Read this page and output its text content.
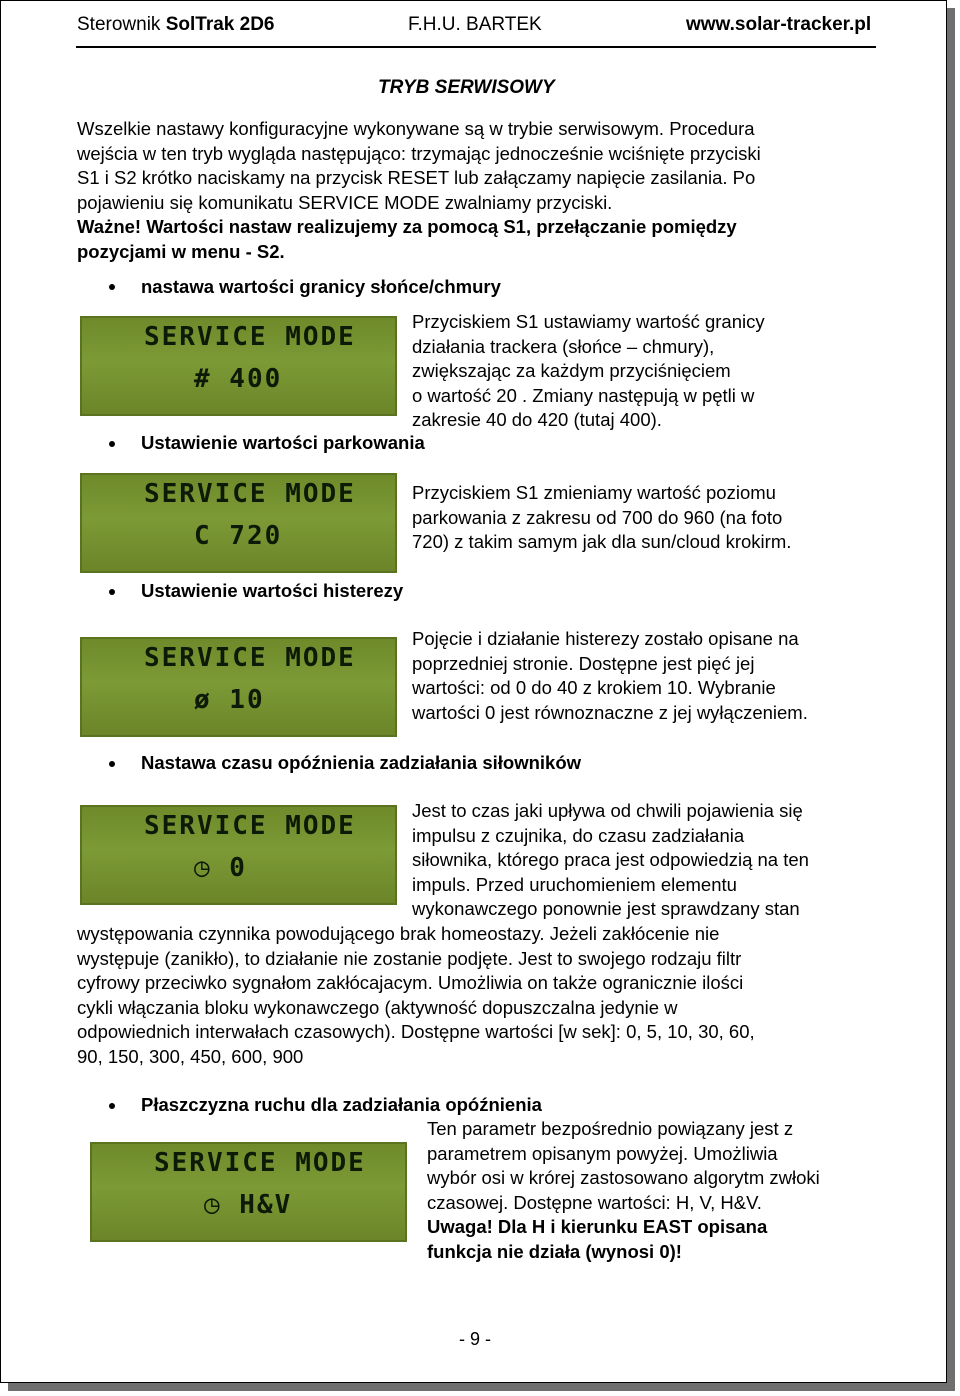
Sterownik SolTrak 2D6	F.H.U. BARTEK	www.solar-tracker.pl
TRYB SERWISOWY
Wszelkie nastawy konfiguracyjne wykonywane są w trybie serwisowym. Procedura
wejścia w ten tryb wygląda następująco: trzymając jednocześnie wciśnięte przyciski
S1 i S2 krótko naciskamy na przycisk RESET lub załączamy napięcie zasilania. Po
pojawieniu się komunikatu SERVICE MODE zwalniamy przyciski.
Ważne! Wartości nastaw realizujemy za pomocą S1, przełączanie pomiędzy
pozycjami w menu - S2.
nastawa wartości granicy słońce/chmury
SERVICE MODE
# 400
Przyciskiem S1 ustawiamy wartość granicy
działania trackera (słońce – chmury),
zwiększając za każdym przyciśnięciem
o wartość 20 . Zmiany następują w pętli w
zakresie 40 do 420 (tutaj 400).
Ustawienie wartości parkowania
SERVICE MODE
C 720
Przyciskiem S1 zmieniamy wartość poziomu
parkowania z zakresu od 700 do 960 (na foto
720) z takim samym jak dla sun/cloud krokirm.
Ustawienie wartości histerezy
SERVICE MODE
ø 10
Pojęcie i działanie histerezy zostało opisane na
poprzedniej stronie. Dostępne jest pięć jej
wartości: od 0 do 40 z krokiem 10. Wybranie
wartości 0 jest równoznaczne z jej wyłączeniem.
Nastawa czasu opóźnienia zadziałania siłowników
SERVICE MODE
◷ 0
Jest to czas jaki upływa od chwili pojawienia się
impulsu z czujnika, do czasu zadziałania
siłownika, którego praca jest odpowiedzią na ten
impuls. Przed uruchomieniem elementu
wykonawczego ponownie jest sprawdzany stan
występowania czynnika powodującego brak homeostazy. Jeżeli zakłócenie nie
występuje (zanikło), to działanie nie zostanie podjęte. Jest to swojego rodzaju filtr
cyfrowy przeciwko sygnałom zakłócajacym. Umożliwia on także ogranicznie ilości
cykli włączania bloku wykonawczego (aktywność dopuszczalna jedynie w
odpowiednich interwałach czasowych). Dostępne wartości [w sek]: 0, 5, 10, 30, 60,
90, 150, 300, 450, 600, 900
Płaszczyzna ruchu dla zadziałania opóźnienia
SERVICE MODE
◷ H&V
Ten parametr bezpośrednio powiązany jest z
parametrem opisanym powyżej. Umożliwia
wybór osi w krórej zastosowano algorytm zwłoki
czasowej. Dostępne wartości: H, V, H&V.
Uwaga! Dla H i kierunku EAST opisana
funkcja nie działa (wynosi 0)!
- 9 -
